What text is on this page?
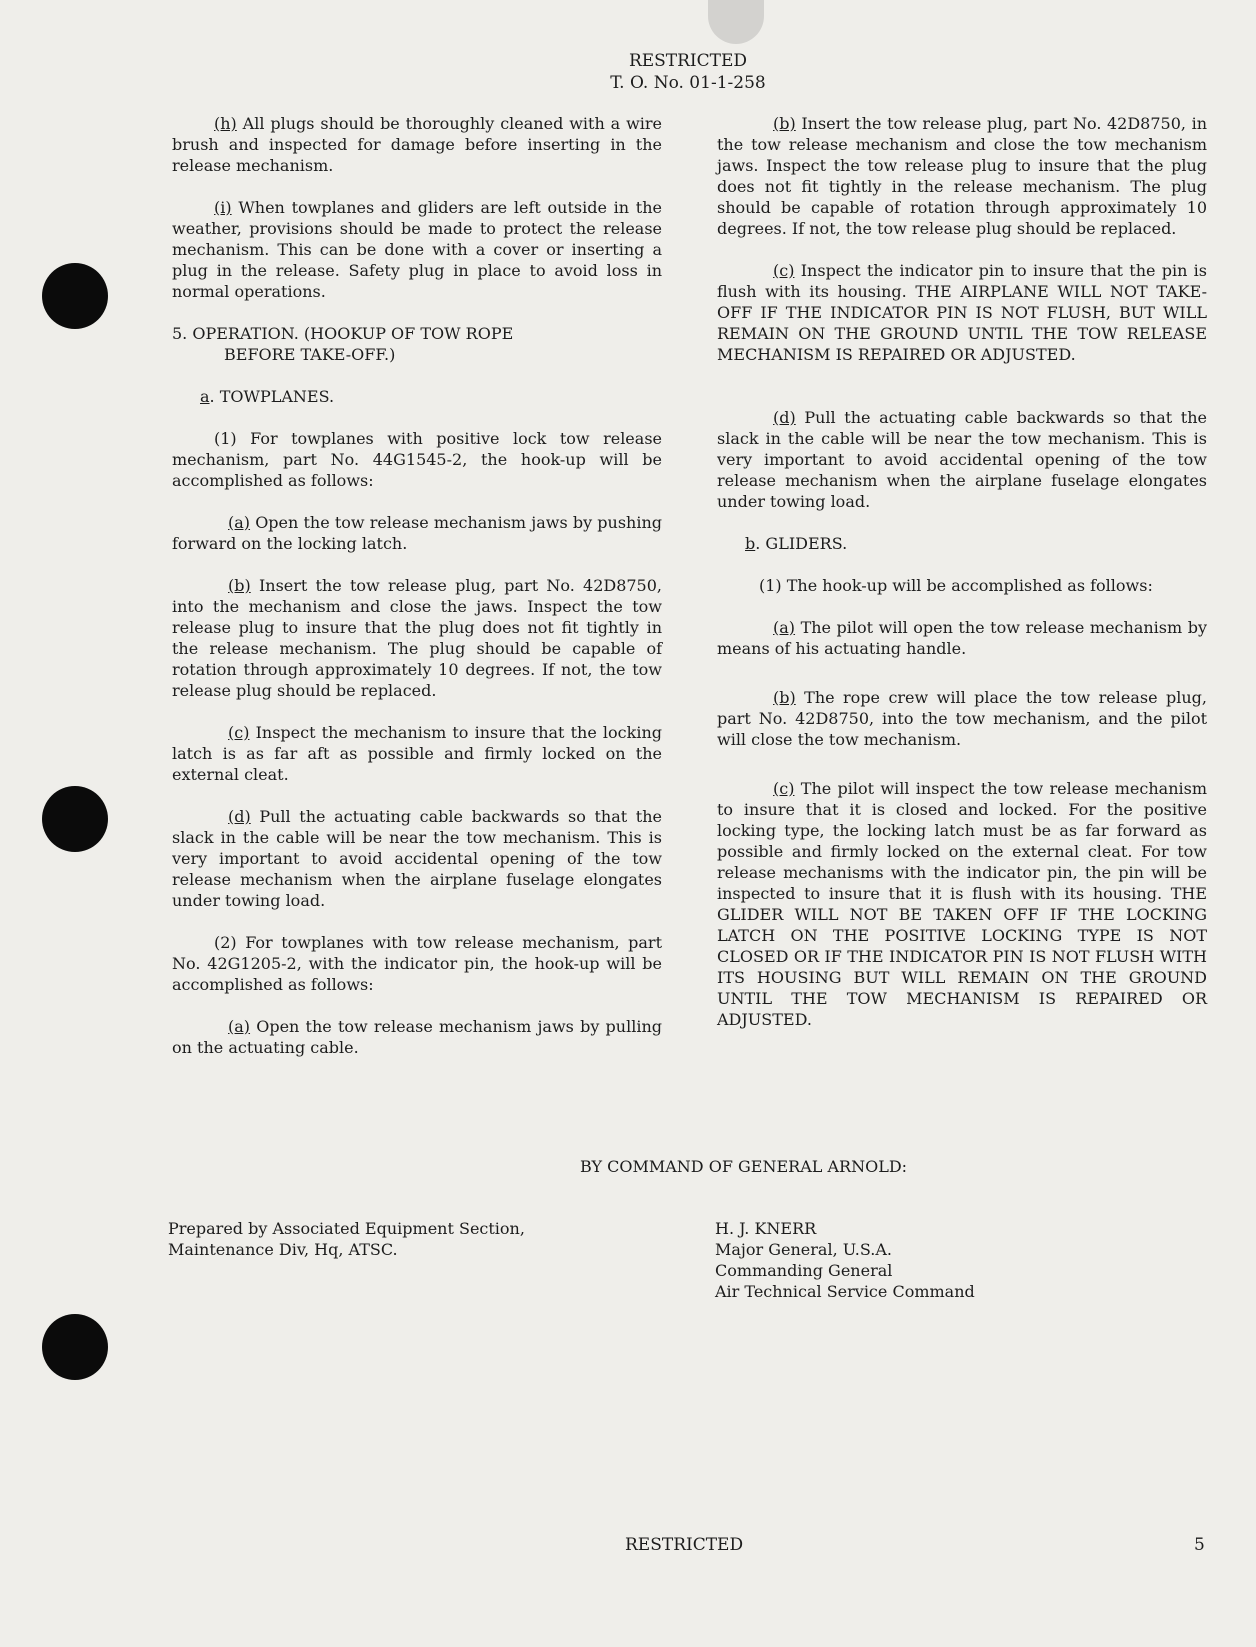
RESTRICTED
T. O. No. 01-1-258

(h) All plugs should be thoroughly cleaned with a wire brush and inspected for damage before inserting in the release mechanism.

(i) When towplanes and gliders are left outside in the weather, provisions should be made to protect the release mechanism. This can be done with a cover or inserting a plug in the release. Safety plug in place to avoid loss in normal operations.

5. OPERATION. (HOOKUP OF TOW ROPE
BEFORE TAKE-OFF.)
a. TOWPLANES.

(1) For towplanes with positive lock tow release mechanism, part No. 44G1545-2, the hook-up will be accomplished as follows:

(a) Open the tow release mechanism jaws by pushing forward on the locking latch.

(b) Insert the tow release plug, part No. 42D8750, into the mechanism and close the jaws. Inspect the tow release plug to insure that the plug does not fit tightly in the release mechanism. The plug should be capable of rotation through approximately 10 degrees. If not, the tow release plug should be replaced.

(c) Inspect the mechanism to insure that the locking latch is as far aft as possible and firmly locked on the external cleat.

(d) Pull the actuating cable backwards so that the slack in the cable will be near the tow mechanism. This is very important to avoid accidental opening of the tow release mechanism when the airplane fuselage elongates under towing load.

(2) For towplanes with tow release mechanism, part No. 42G1205-2, with the indicator pin, the hook-up will be accomplished as follows:

(a) Open the tow release mechanism jaws by pulling on the actuating cable.

(b) Insert the tow release plug, part No. 42D8750, in the tow release mechanism and close the tow mechanism jaws. Inspect the tow release plug to insure that the plug does not fit tightly in the release mechanism. The plug should be capable of rotation through approximately 10 degrees. If not, the tow release plug should be replaced.

(c) Inspect the indicator pin to insure that the pin is flush with its housing. THE AIRPLANE WILL NOT TAKE-OFF IF THE INDICATOR PIN IS NOT FLUSH, BUT WILL REMAIN ON THE GROUND UNTIL THE TOW RELEASE MECHANISM IS REPAIRED OR ADJUSTED.

(d) Pull the actuating cable backwards so that the slack in the cable will be near the tow mechanism. This is very important to avoid accidental opening of the tow release mechanism when the airplane fuselage elongates under towing load.

b. GLIDERS.

(1) The hook-up will be accomplished as follows:

(a) The pilot will open the tow release mechanism by means of his actuating handle.

(b) The rope crew will place the tow release plug, part No. 42D8750, into the tow mechanism, and the pilot will close the tow mechanism.

(c) The pilot will inspect the tow release mechanism to insure that it is closed and locked. For the positive locking type, the locking latch must be as far forward as possible and firmly locked on the external cleat. For tow release mechanisms with the indicator pin, the pin will be inspected to insure that it is flush with its housing. THE GLIDER WILL NOT BE TAKEN OFF IF THE LOCKING LATCH ON THE POSITIVE LOCKING TYPE IS NOT CLOSED OR IF THE INDICATOR PIN IS NOT FLUSH WITH ITS HOUSING BUT WILL REMAIN ON THE GROUND UNTIL THE TOW MECHANISM IS REPAIRED OR ADJUSTED.

BY COMMAND OF GENERAL ARNOLD:
Prepared by Associated Equipment Section,
Maintenance Div, Hq, ATSC.
H. J. KNERR
Major General, U.S.A.
Commanding General
Air Technical Service Command
RESTRICTED	5
